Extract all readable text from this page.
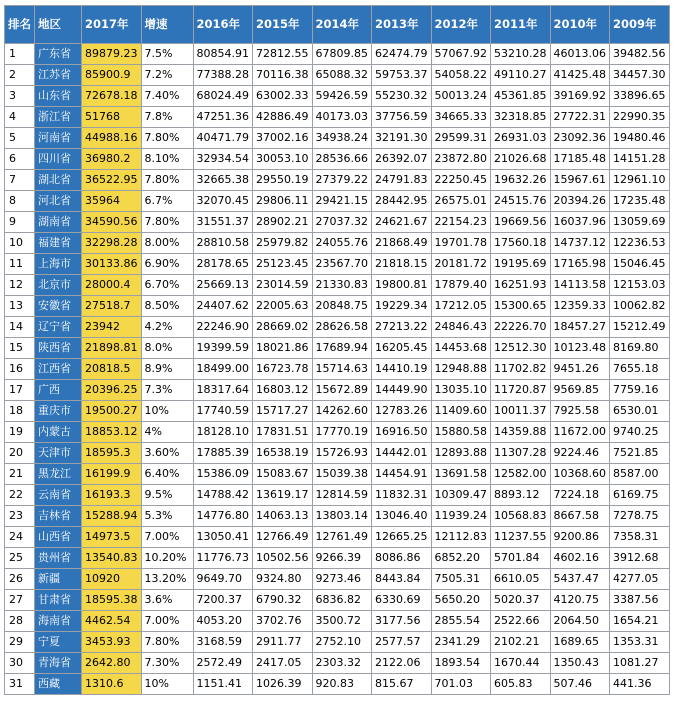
排名	地区	2017年	增速	2016年	2015年	2014年	2013年	2012年	2011年	2010年	2009年
1	广东省	89879.23	7.5%	80854.91	72812.55	67809.85	62474.79	57067.92	53210.28	46013.06	39482.56
2	江苏省	85900.9	7.2%	77388.28	70116.38	65088.32	59753.37	54058.22	49110.27	41425.48	34457.30
3	山东省	72678.18	7.40%	68024.49	63002.33	59426.59	55230.32	50013.24	45361.85	39169.92	33896.65
4	浙江省	51768	7.8%	47251.36	42886.49	40173.03	37756.59	34665.33	32318.85	27722.31	22990.35
5	河南省	44988.16	7.80%	40471.79	37002.16	34938.24	32191.30	29599.31	26931.03	23092.36	19480.46
6	四川省	36980.2	8.10%	32934.54	30053.10	28536.66	26392.07	23872.80	21026.68	17185.48	14151.28
7	湖北省	36522.95	7.80%	32665.38	29550.19	27379.22	24791.83	22250.45	19632.26	15967.61	12961.10
8	河北省	35964	6.7%	32070.45	29806.11	29421.15	28442.95	26575.01	24515.76	20394.26	17235.48
9	湖南省	34590.56	7.80%	31551.37	28902.21	27037.32	24621.67	22154.23	19669.56	16037.96	13059.69
10	福建省	32298.28	8.00%	28810.58	25979.82	24055.76	21868.49	19701.78	17560.18	14737.12	12236.53
11	上海市	30133.86	6.90%	28178.65	25123.45	23567.70	21818.15	20181.72	19195.69	17165.98	15046.45
12	北京市	28000.4	6.70%	25669.13	23014.59	21330.83	19800.81	17879.40	16251.93	14113.58	12153.03
13	安徽省	27518.7	8.50%	24407.62	22005.63	20848.75	19229.34	17212.05	15300.65	12359.33	10062.82
14	辽宁省	23942	4.2%	22246.90	28669.02	28626.58	27213.22	24846.43	22226.70	18457.27	15212.49
15	陕西省	21898.81	8.0%	19399.59	18021.86	17689.94	16205.45	14453.68	12512.30	10123.48	8169.80
16	江西省	20818.5	8.9%	18499.00	16723.78	15714.63	14410.19	12948.88	11702.82	9451.26	7655.18
17	广西	20396.25	7.3%	18317.64	16803.12	15672.89	14449.90	13035.10	11720.87	9569.85	7759.16
18	重庆市	19500.27	10%	17740.59	15717.27	14262.60	12783.26	11409.60	10011.37	7925.58	6530.01
19	内蒙古	18853.12	4%	18128.10	17831.51	17770.19	16916.50	15880.58	14359.88	11672.00	9740.25
20	天津市	18595.3	3.60%	17885.39	16538.19	15726.93	14442.01	12893.88	11307.28	9224.46	7521.85
21	黑龙江	16199.9	6.40%	15386.09	15083.67	15039.38	14454.91	13691.58	12582.00	10368.60	8587.00
22	云南省	16193.3	9.5%	14788.42	13619.17	12814.59	11832.31	10309.47	8893.12	7224.18	6169.75
23	吉林省	15288.94	5.3%	14776.80	14063.13	13803.14	13046.40	11939.24	10568.83	8667.58	7278.75
24	山西省	14973.5	7.00%	13050.41	12766.49	12761.49	12665.25	12112.83	11237.55	9200.86	7358.31
25	贵州省	13540.83	10.20%	11776.73	10502.56	9266.39	8086.86	6852.20	5701.84	4602.16	3912.68
26	新疆	10920	13.20%	9649.70	9324.80	9273.46	8443.84	7505.31	6610.05	5437.47	4277.05
27	甘肃省	18595.38	3.6%	7200.37	6790.32	6836.82	6330.69	5650.20	5020.37	4120.75	3387.56
28	海南省	4462.54	7.00%	4053.20	3702.76	3500.72	3177.56	2855.54	2522.66	2064.50	1654.21
29	宁夏	3453.93	7.80%	3168.59	2911.77	2752.10	2577.57	2341.29	2102.21	1689.65	1353.31
30	青海省	2642.80	7.30%	2572.49	2417.05	2303.32	2122.06	1893.54	1670.44	1350.43	1081.27
31	西藏	1310.6	10%	1151.41	1026.39	920.83	815.67	701.03	605.83	507.46	441.36
